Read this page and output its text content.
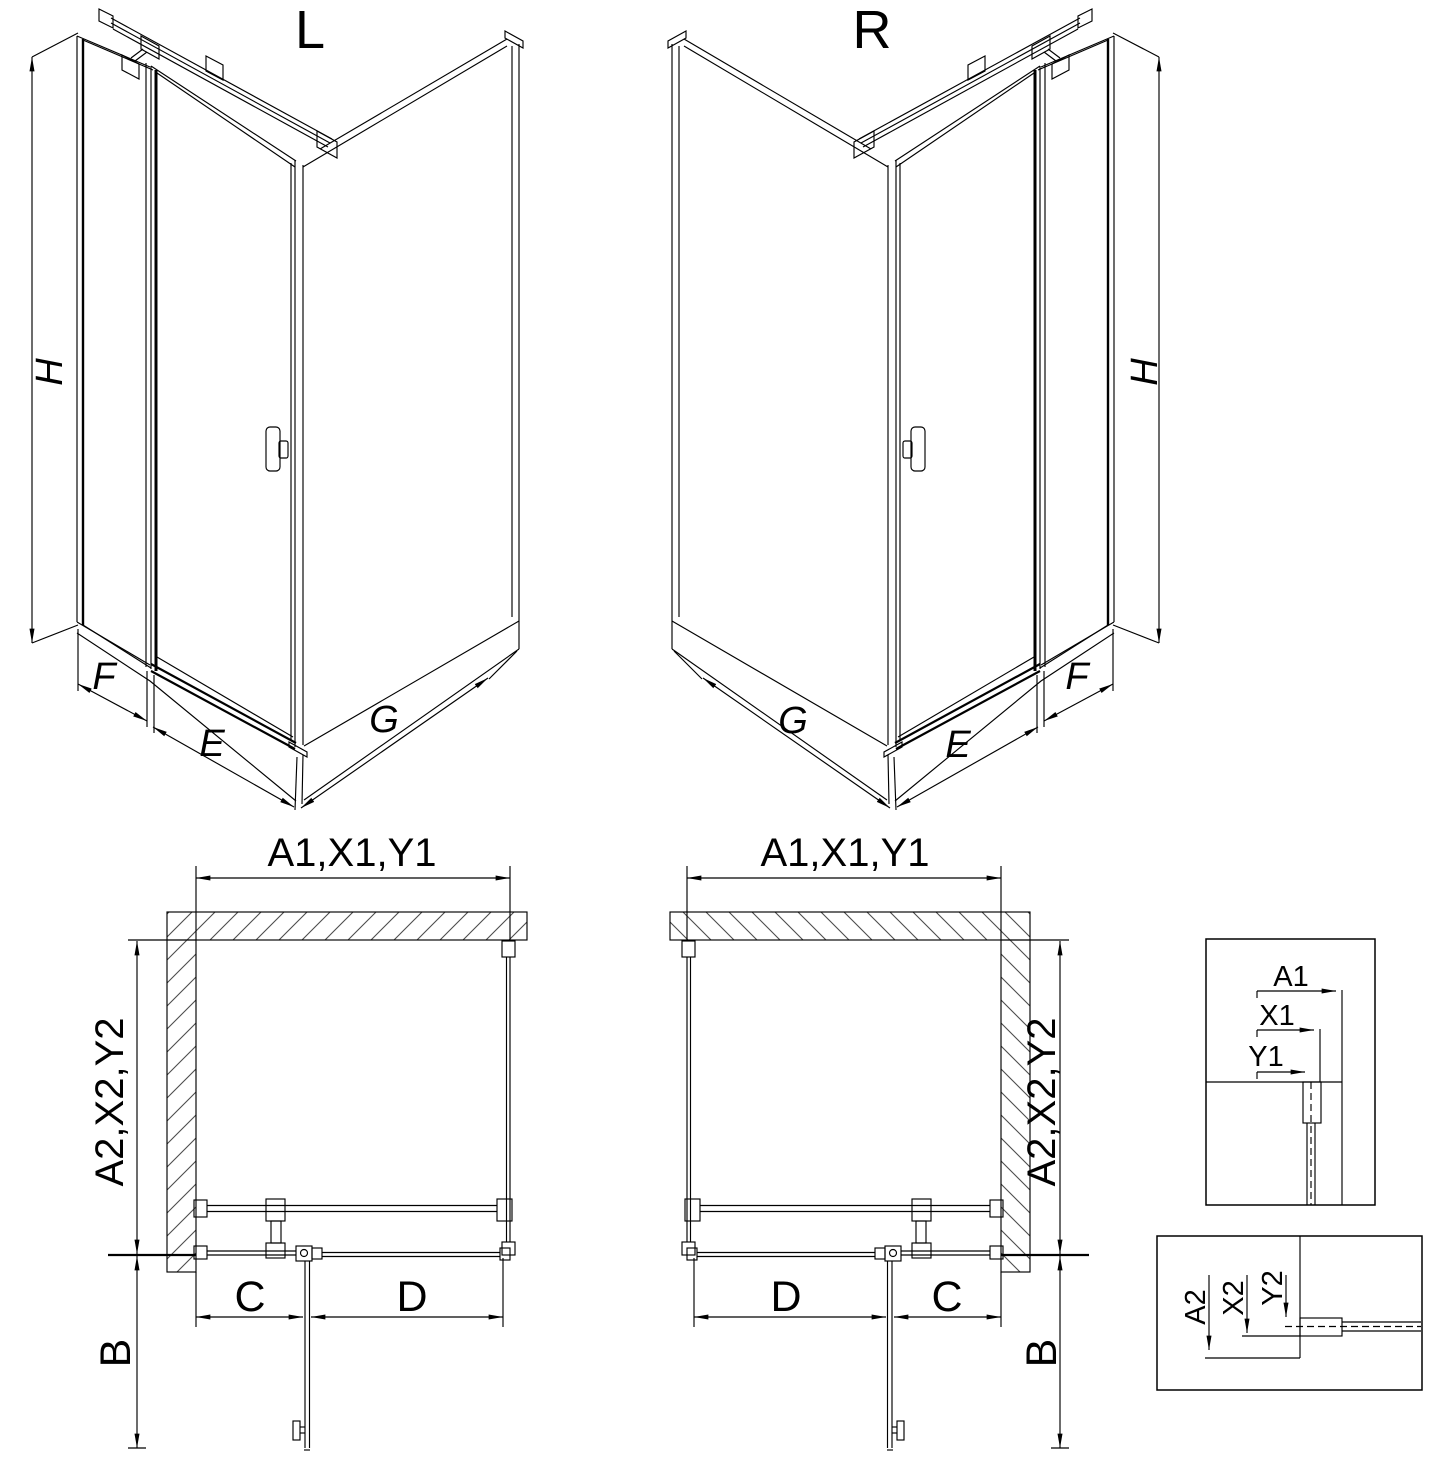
L
H
F
E
G
R
H
G
E
F
A1,X1,Y1
A2,X2,Y2
C	D
B
A1,X1,Y1
A2,X2,Y2
D	C
B
A1
X1
Y1
A2 X2 Y2
